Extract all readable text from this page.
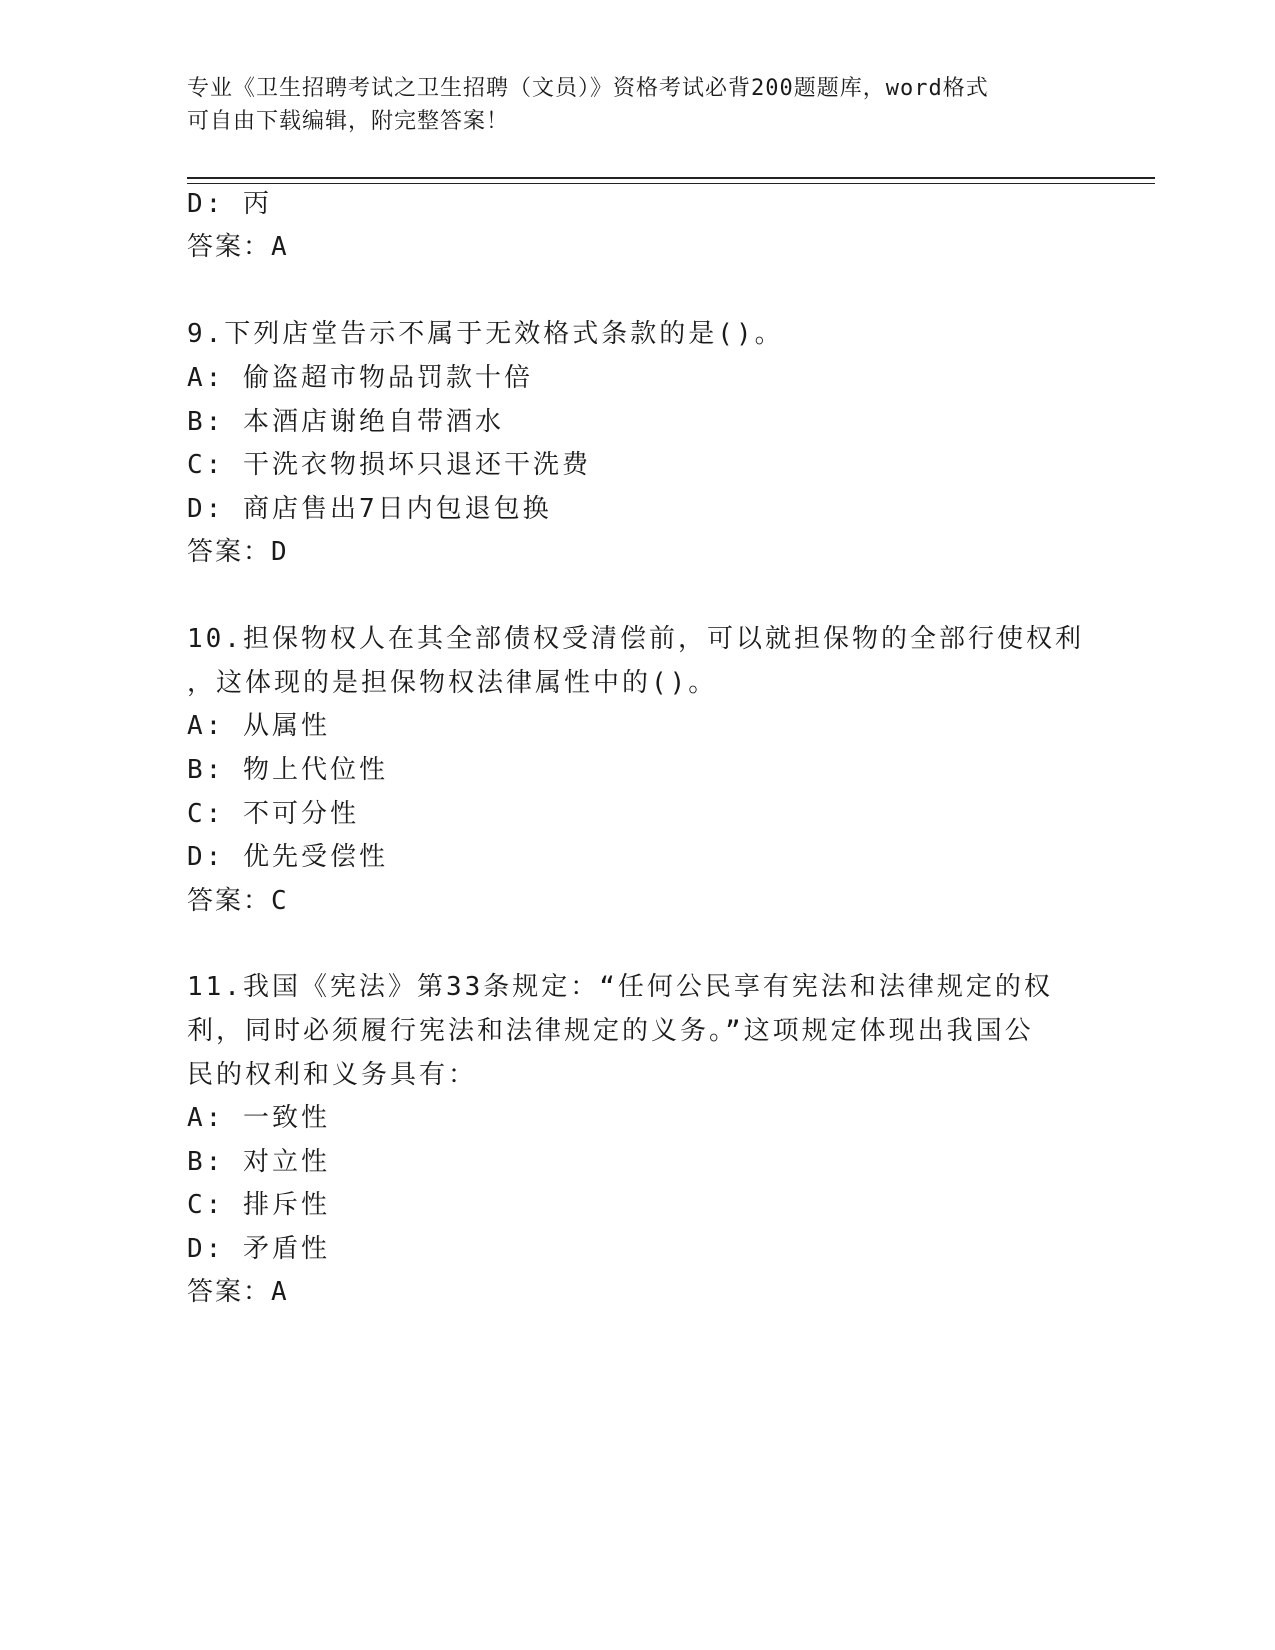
专业《卫生招聘考试之卫生招聘（文员）》资格考试必背200题题库，word格式
可自由下载编辑，附完整答案！
D: 丙
答案：A
9.下列店堂告示不属于无效格式条款的是()。
A: 偷盗超市物品罚款十倍
B: 本酒店谢绝自带酒水
C: 干洗衣物损坏只退还干洗费
D: 商店售出7日内包退包换
答案：D
10.担保物权人在其全部债权受清偿前，可以就担保物的全部行使权利
，这体现的是担保物权法律属性中的()。
A: 从属性
B: 物上代位性
C: 不可分性
D: 优先受偿性
答案：C
11.我国《宪法》第33条规定：“任何公民享有宪法和法律规定的权
利，同时必须履行宪法和法律规定的义务。”这项规定体现出我国公
民的权利和义务具有：
A: 一致性
B: 对立性
C: 排斥性
D: 矛盾性
答案：A
